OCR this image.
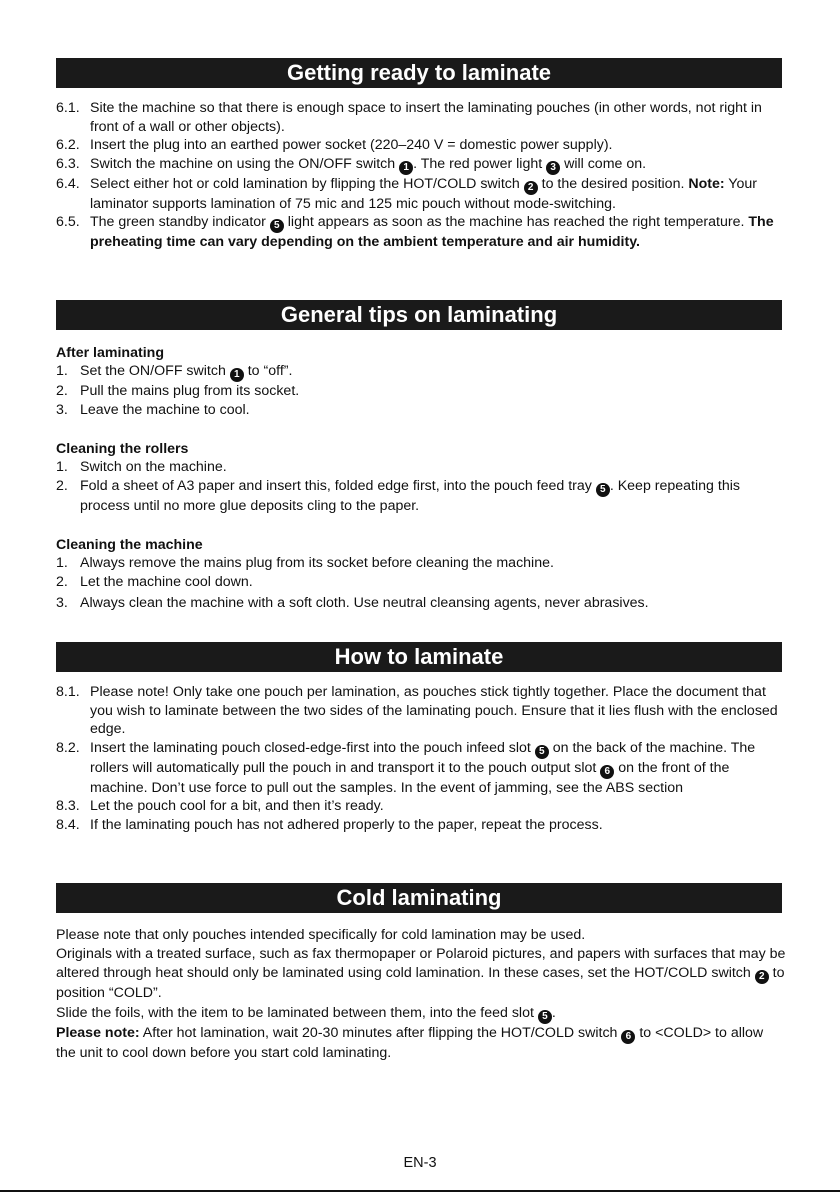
Getting ready to laminate
6.1. Site the machine so that there is enough space to insert the laminating pouches (in other words, not right in front of a wall or other objects).
6.2. Insert the plug into an earthed power socket (220–240 V = domestic power supply).
6.3. Switch the machine on using the ON/OFF switch 1 . The red power light 3 will come on.
6.4. Select either hot or cold lamination by flipping the HOT/COLD switch 2 to the desired position. Note: Your laminator supports lamination of 75 mic and 125 mic pouch without mode-switching.
6.5. The green standby indicator 5 light appears as soon as the machine has reached the right temperature. The preheating time can vary depending on the ambient temperature and air humidity.
General tips on laminating
After laminating
1. Set the ON/OFF switch 1 to “off”.
2. Pull the mains plug from its socket.
3. Leave the machine to cool.
Cleaning the rollers
1. Switch on the machine.
2. Fold a sheet of A3 paper and insert this, folded edge first, into the pouch feed tray 5 . Keep repeating this process until no more glue deposits cling to the paper.
Cleaning the machine
1. Always remove the mains plug from its socket before cleaning the machine.
2. Let the machine cool down.
3. Always clean the machine with a soft cloth. Use neutral cleansing agents, never abrasives.
How to laminate
8.1. Please note! Only take one pouch per lamination, as pouches stick tightly together. Place the document that you wish to laminate between the two sides of the laminating pouch. Ensure that it lies flush with the enclosed edge.
8.2. Insert the laminating pouch closed-edge-first into the pouch infeed slot 5 on the back of the machine. The rollers will automatically pull the pouch in and transport it to the pouch output slot 6 on the front of the machine. Don’t use force to pull out the samples. In the event of jamming, see the ABS section
8.3. Let the pouch cool for a bit, and then it’s ready.
8.4. If the laminating pouch has not adhered properly to the paper, repeat the process.
Cold laminating

Please note that only pouches intended specifically for cold lamination may be used.

Originals with a treated surface, such as fax thermopaper or Polaroid pictures, and papers with surfaces that may be altered through heat should only be laminated using cold lamination. In these cases, set the HOT/COLD switch 2 to position “COLD”.

Slide the foils, with the item to be laminated between them, into the feed slot 5 .

Please note: After hot lamination, wait 20-30 minutes after flipping the HOT/COLD switch 6 to <COLD> to allow the unit to cool down before you start cold laminating.

EN-3
